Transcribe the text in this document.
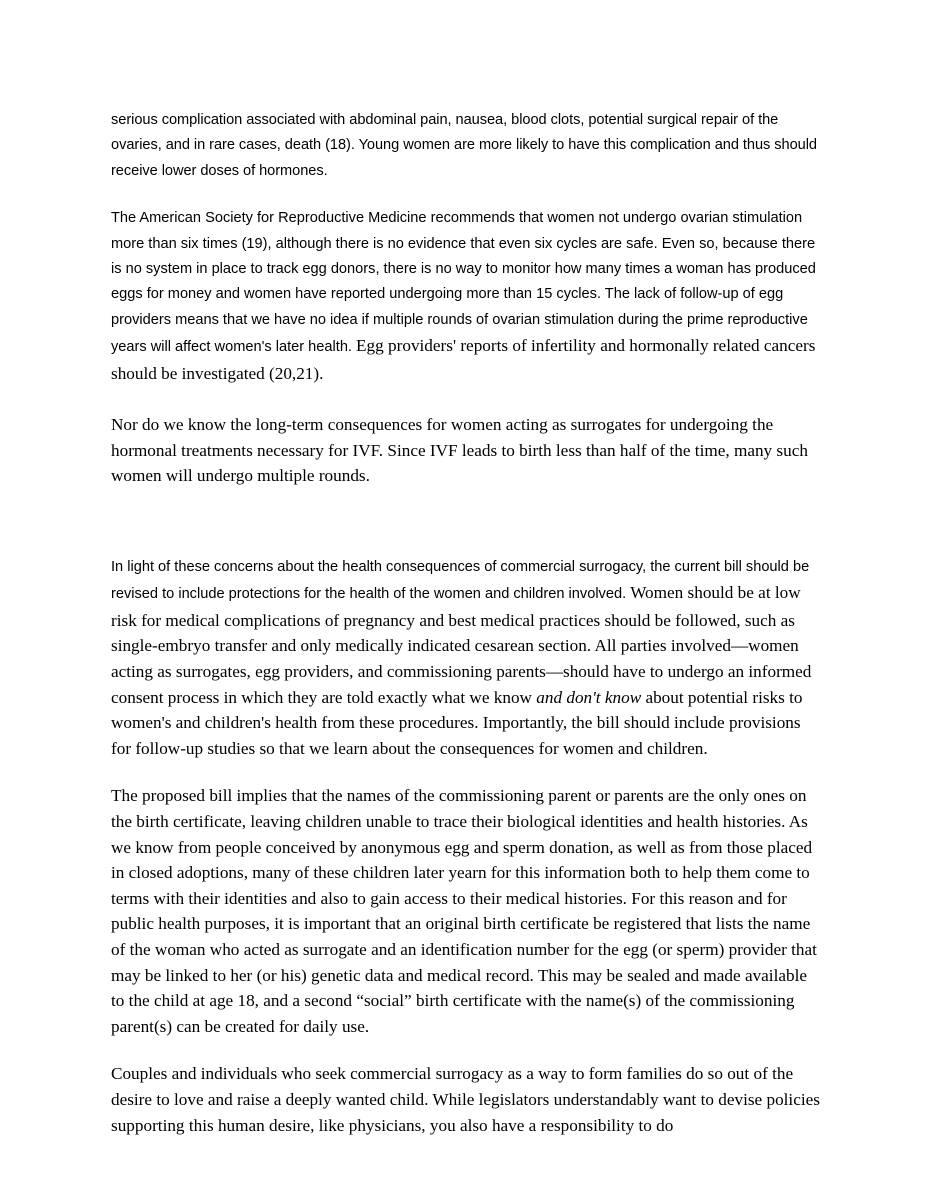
serious complication associated with abdominal pain, nausea, blood clots, potential surgical repair of the ovaries, and in rare cases, death (18). Young women are more likely to have this complication and thus should receive lower doses of hormones.

The American Society for Reproductive Medicine recommends that women not undergo ovarian stimulation more than six times (19), although there is no evidence that even six cycles are safe. Even so, because there is no system in place to track egg donors, there is no way to monitor how many times a woman has produced eggs for money and women have reported undergoing more than 15 cycles. The lack of follow-up of egg providers means that we have no idea if multiple rounds of ovarian stimulation during the prime reproductive years will affect women's later health. Egg providers' reports of infertility and hormonally related cancers should be investigated (20,21).

Nor do we know the long-term consequences for women acting as surrogates for undergoing the hormonal treatments necessary for IVF. Since IVF leads to birth less than half of the time, many such women will undergo multiple rounds.

In light of these concerns about the health consequences of commercial surrogacy, the current bill should be revised to include protections for the health of the women and children involved. Women should be at low risk for medical complications of pregnancy and best medical practices should be followed, such as single-embryo transfer and only medically indicated cesarean section. All parties involved—women acting as surrogates, egg providers, and commissioning parents—should have to undergo an informed consent process in which they are told exactly what we know and don't know about potential risks to women's and children's health from these procedures. Importantly, the bill should include provisions for follow-up studies so that we learn about the consequences for women and children.

The proposed bill implies that the names of the commissioning parent or parents are the only ones on the birth certificate, leaving children unable to trace their biological identities and health histories. As we know from people conceived by anonymous egg and sperm donation, as well as from those placed in closed adoptions, many of these children later yearn for this information both to help them come to terms with their identities and also to gain access to their medical histories. For this reason and for public health purposes, it is important that an original birth certificate be registered that lists the name of the woman who acted as surrogate and an identification number for the egg (or sperm) provider that may be linked to her (or his) genetic data and medical record. This may be sealed and made available to the child at age 18, and a second “social” birth certificate with the name(s) of the commissioning parent(s) can be created for daily use.

Couples and individuals who seek commercial surrogacy as a way to form families do so out of the desire to love and raise a deeply wanted child. While legislators understandably want to devise policies supporting this human desire, like physicians, you also have a responsibility to do
